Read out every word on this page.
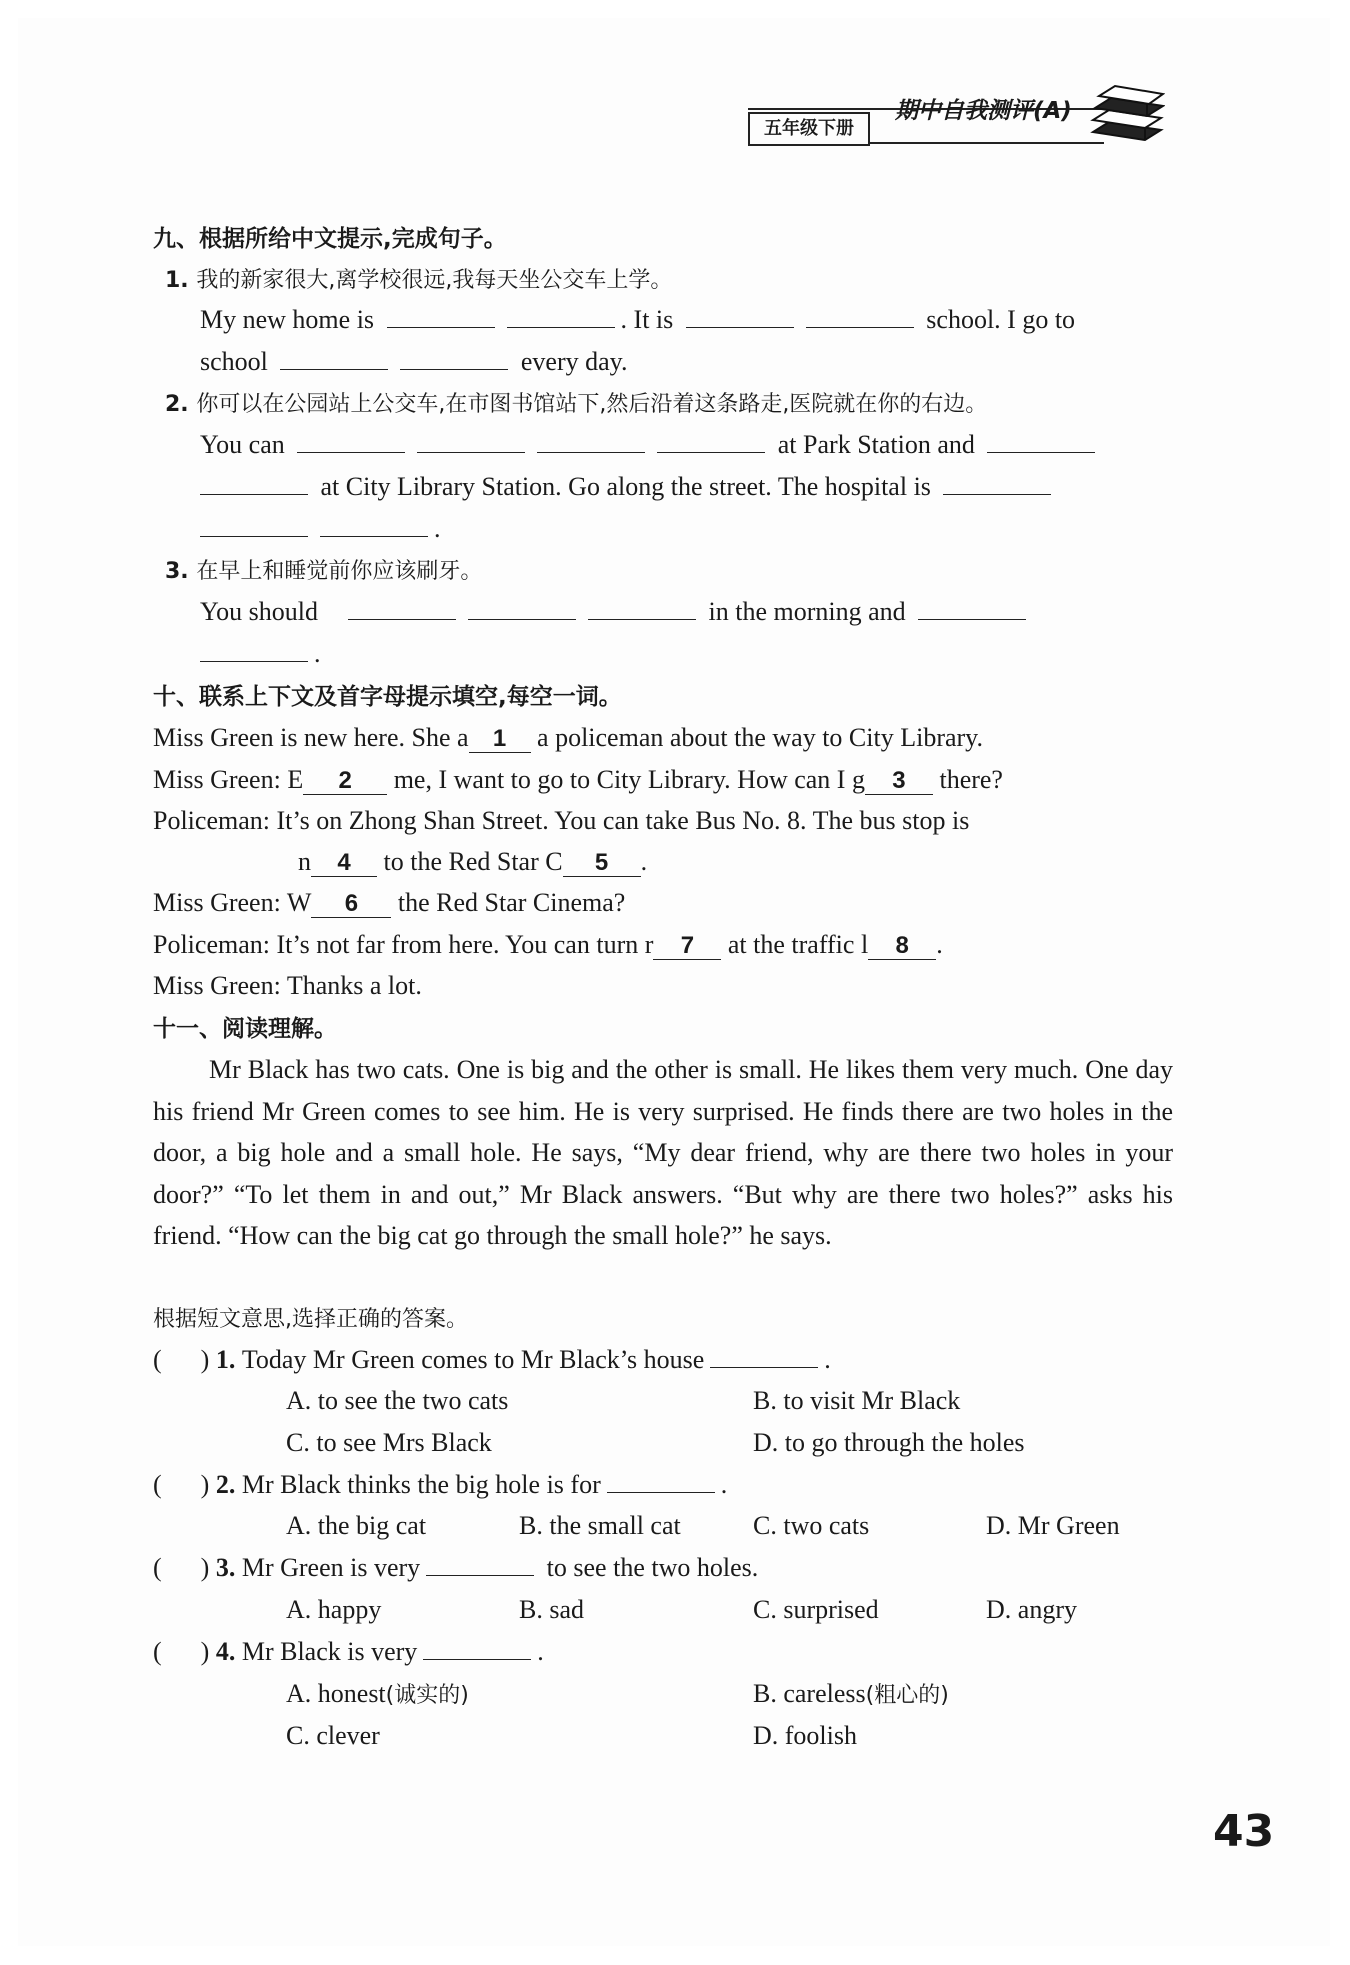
五年级下册
期中自我测评(A)
九、根据所给中文提示,完成句子。
1. 我的新家很大,离学校很远,我每天坐公交车上学。
My new home is	. It is	school. I go to
school	every day.
2. 你可以在公园站上公交车,在市图书馆站下,然后沿着这条路走,医院就在你的右边。
You can	at Park Station and
at City Library Station. Go along the street. The hospital is
.
3. 在早上和睡觉前你应该刷牙。
You should	in the morning and
.
十、联系上下文及首字母提示填空,每空一词。
Miss Green is new here. She a 1 a policeman about the way to City Library.
Miss Green: E 2 me, I want to go to City Library. How can I g 3 there?
Policeman: It’s on Zhong Shan Street. You can take Bus No. 8. The bus stop is
n 4 to the Red Star C 5 .
Miss Green: W 6 the Red Star Cinema?
Policeman: It’s not far from here. You can turn r 7 at the traffic l 8 .
Miss Green: Thanks a lot.
十一、阅读理解。
Mr Black has two cats. One is big and the other is small. He likes them very much. One day his friend Mr Green comes to see him. He is very surprised. He finds there are two holes in the door, a big hole and a small hole. He says, “My dear friend, why are there two holes in your door?” “To let them in and out,” Mr Black answers. “But why are there two holes?” asks his friend. “How can the big cat go through the small hole?” he says.
根据短文意思,选择正确的答案。
(      ) 1. Today Mr Green comes to Mr Black’s house	.
A. to see the two cats	B. to visit Mr Black
C. to see Mrs Black	D. to go through the holes
(      ) 2. Mr Black thinks the big hole is for	.
A. the big cat	B. the small cat	C. two cats	D. Mr Green
(      ) 3. Mr Green is very	to see the two holes.
A. happy	B. sad	C. surprised	D. angry
(      ) 4. Mr Black is very	.
A. honest(诚实的)	B. careless(粗心的)
C. clever	D. foolish
43
